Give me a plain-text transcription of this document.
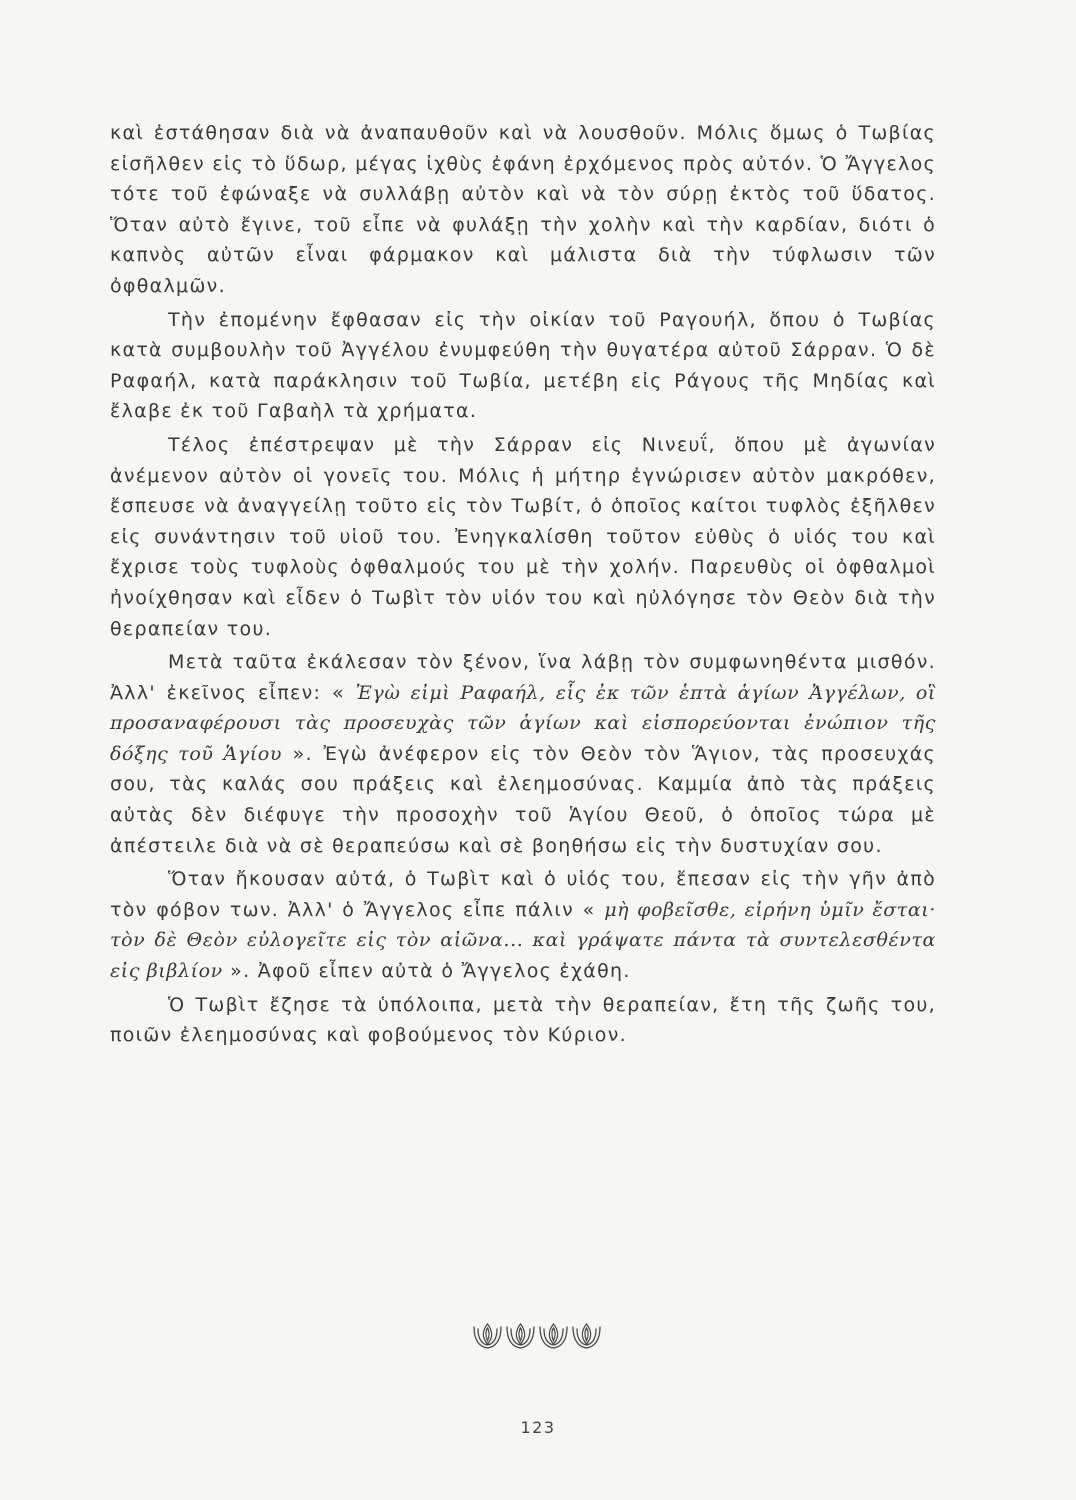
καὶ ἐστάθησαν διὰ νὰ ἀναπαυθοῦν καὶ νὰ λουσθοῦν. Μόλις ὅμως ὁ Τωβίας εἰσῆλθεν εἰς τὸ ὕδωρ, μέγας ἰχθὺς ἐφάνη ἐρχόμενος πρὸς αὐτόν. Ὁ Ἄγγελος τότε τοῦ ἐφώναξε νὰ συλλάβῃ αὐτὸν καὶ νὰ τὸν σύρῃ ἐκτὸς τοῦ ὕδατος. Ὅταν αὐτὸ ἔγινε, τοῦ εἶπε νὰ φυλάξῃ τὴν χολὴν καὶ τὴν καρδίαν, διότι ὁ καπνὸς αὐτῶν εἶναι φάρμακον καὶ μάλιστα διὰ τὴν τύφλωσιν τῶν ὀφθαλμῶν.

Τὴν ἐπομένην ἔφθασαν εἰς τὴν οἰκίαν τοῦ Ραγουήλ, ὅπου ὁ Τωβίας κατὰ συμβουλὴν τοῦ Ἀγγέλου ἐνυμφεύθη τὴν θυγατέρα αὐτοῦ Σάρραν. Ὁ δὲ Ραφαήλ, κατὰ παράκλησιν τοῦ Τωβία, μετέβη εἰς Ράγους τῆς Μηδίας καὶ ἔλαβε ἐκ τοῦ Γαβαὴλ τὰ χρήματα.

Τέλος ἐπέστρεψαν μὲ τὴν Σάρραν εἰς Νινευΐ, ὅπου μὲ ἀγωνίαν ἀνέμενον αὐτὸν οἱ γονεῖς του. Μόλις ἡ μήτηρ ἐγνώρισεν αὐτὸν μακρόθεν, ἔσπευσε νὰ ἀναγγείλῃ τοῦτο εἰς τὸν Τωβίτ, ὁ ὁποῖος καίτοι τυφλὸς ἐξῆλθεν εἰς συνάντησιν τοῦ υἱοῦ του. Ἐνηγκαλίσθη τοῦτον εὐθὺς ὁ υἱός του καὶ ἔχρισε τοὺς τυφλοὺς ὀφθαλμούς του μὲ τὴν χολήν. Παρευθὺς οἱ ὀφθαλμοὶ ἠνοίχθησαν καὶ εἶδεν ὁ Τωβὶτ τὸν υἱόν του καὶ ηὐλόγησε τὸν Θεὸν διὰ τὴν θεραπείαν του.

Μετὰ ταῦτα ἐκάλεσαν τὸν ξένον, ἵνα λάβῃ τὸν συμφωνηθέντα μισθόν. Ἀλλ' ἐκεῖνος εἶπεν: « Ἐγὼ εἰμὶ Ραφαήλ, εἷς ἐκ τῶν ἑπτὰ ἁγίων Ἀγγέλων, οἳ προσαναφέρουσι τὰς προσευχὰς τῶν ἁγίων καὶ εἰσπορεύονται ἐνώπιον τῆς δόξης τοῦ Ἁγίου ». Ἐγὼ ἀνέφερον εἰς τὸν Θεὸν τὸν Ἅγιον, τὰς προσευχάς σου, τὰς καλάς σου πράξεις καὶ ἐλεημοσύνας. Καμμία ἀπὸ τὰς πράξεις αὐτὰς δὲν διέφυγε τὴν προσοχὴν τοῦ Ἁγίου Θεοῦ, ὁ ὁποῖος τώρα μὲ ἀπέστειλε διὰ νὰ σὲ θεραπεύσω καὶ σὲ βοηθήσω εἰς τὴν δυστυχίαν σου.

Ὅταν ἤκουσαν αὐτά, ὁ Τωβὶτ καὶ ὁ υἱός του, ἔπεσαν εἰς τὴν γῆν ἀπὸ τὸν φόβον των. Ἀλλ' ὁ Ἄγγελος εἶπε πάλιν « μὴ φοβεῖσθε, εἰρήνη ὑμῖν ἔσται· τὸν δὲ Θεὸν εὐλογεῖτε εἰς τὸν αἰῶνα... καὶ γράψατε πάντα τὰ συντελεσθέντα εἰς βιβλίον ». Ἀφοῦ εἶπεν αὐτὰ ὁ Ἄγγελος ἐχάθη.

Ὁ Τωβὶτ ἔζησε τὰ ὑπόλοιπα, μετὰ τὴν θεραπείαν, ἔτη τῆς ζωῆς του, ποιῶν ἐλεημοσύνας καὶ φοβούμενος τὸν Κύριον.

123
